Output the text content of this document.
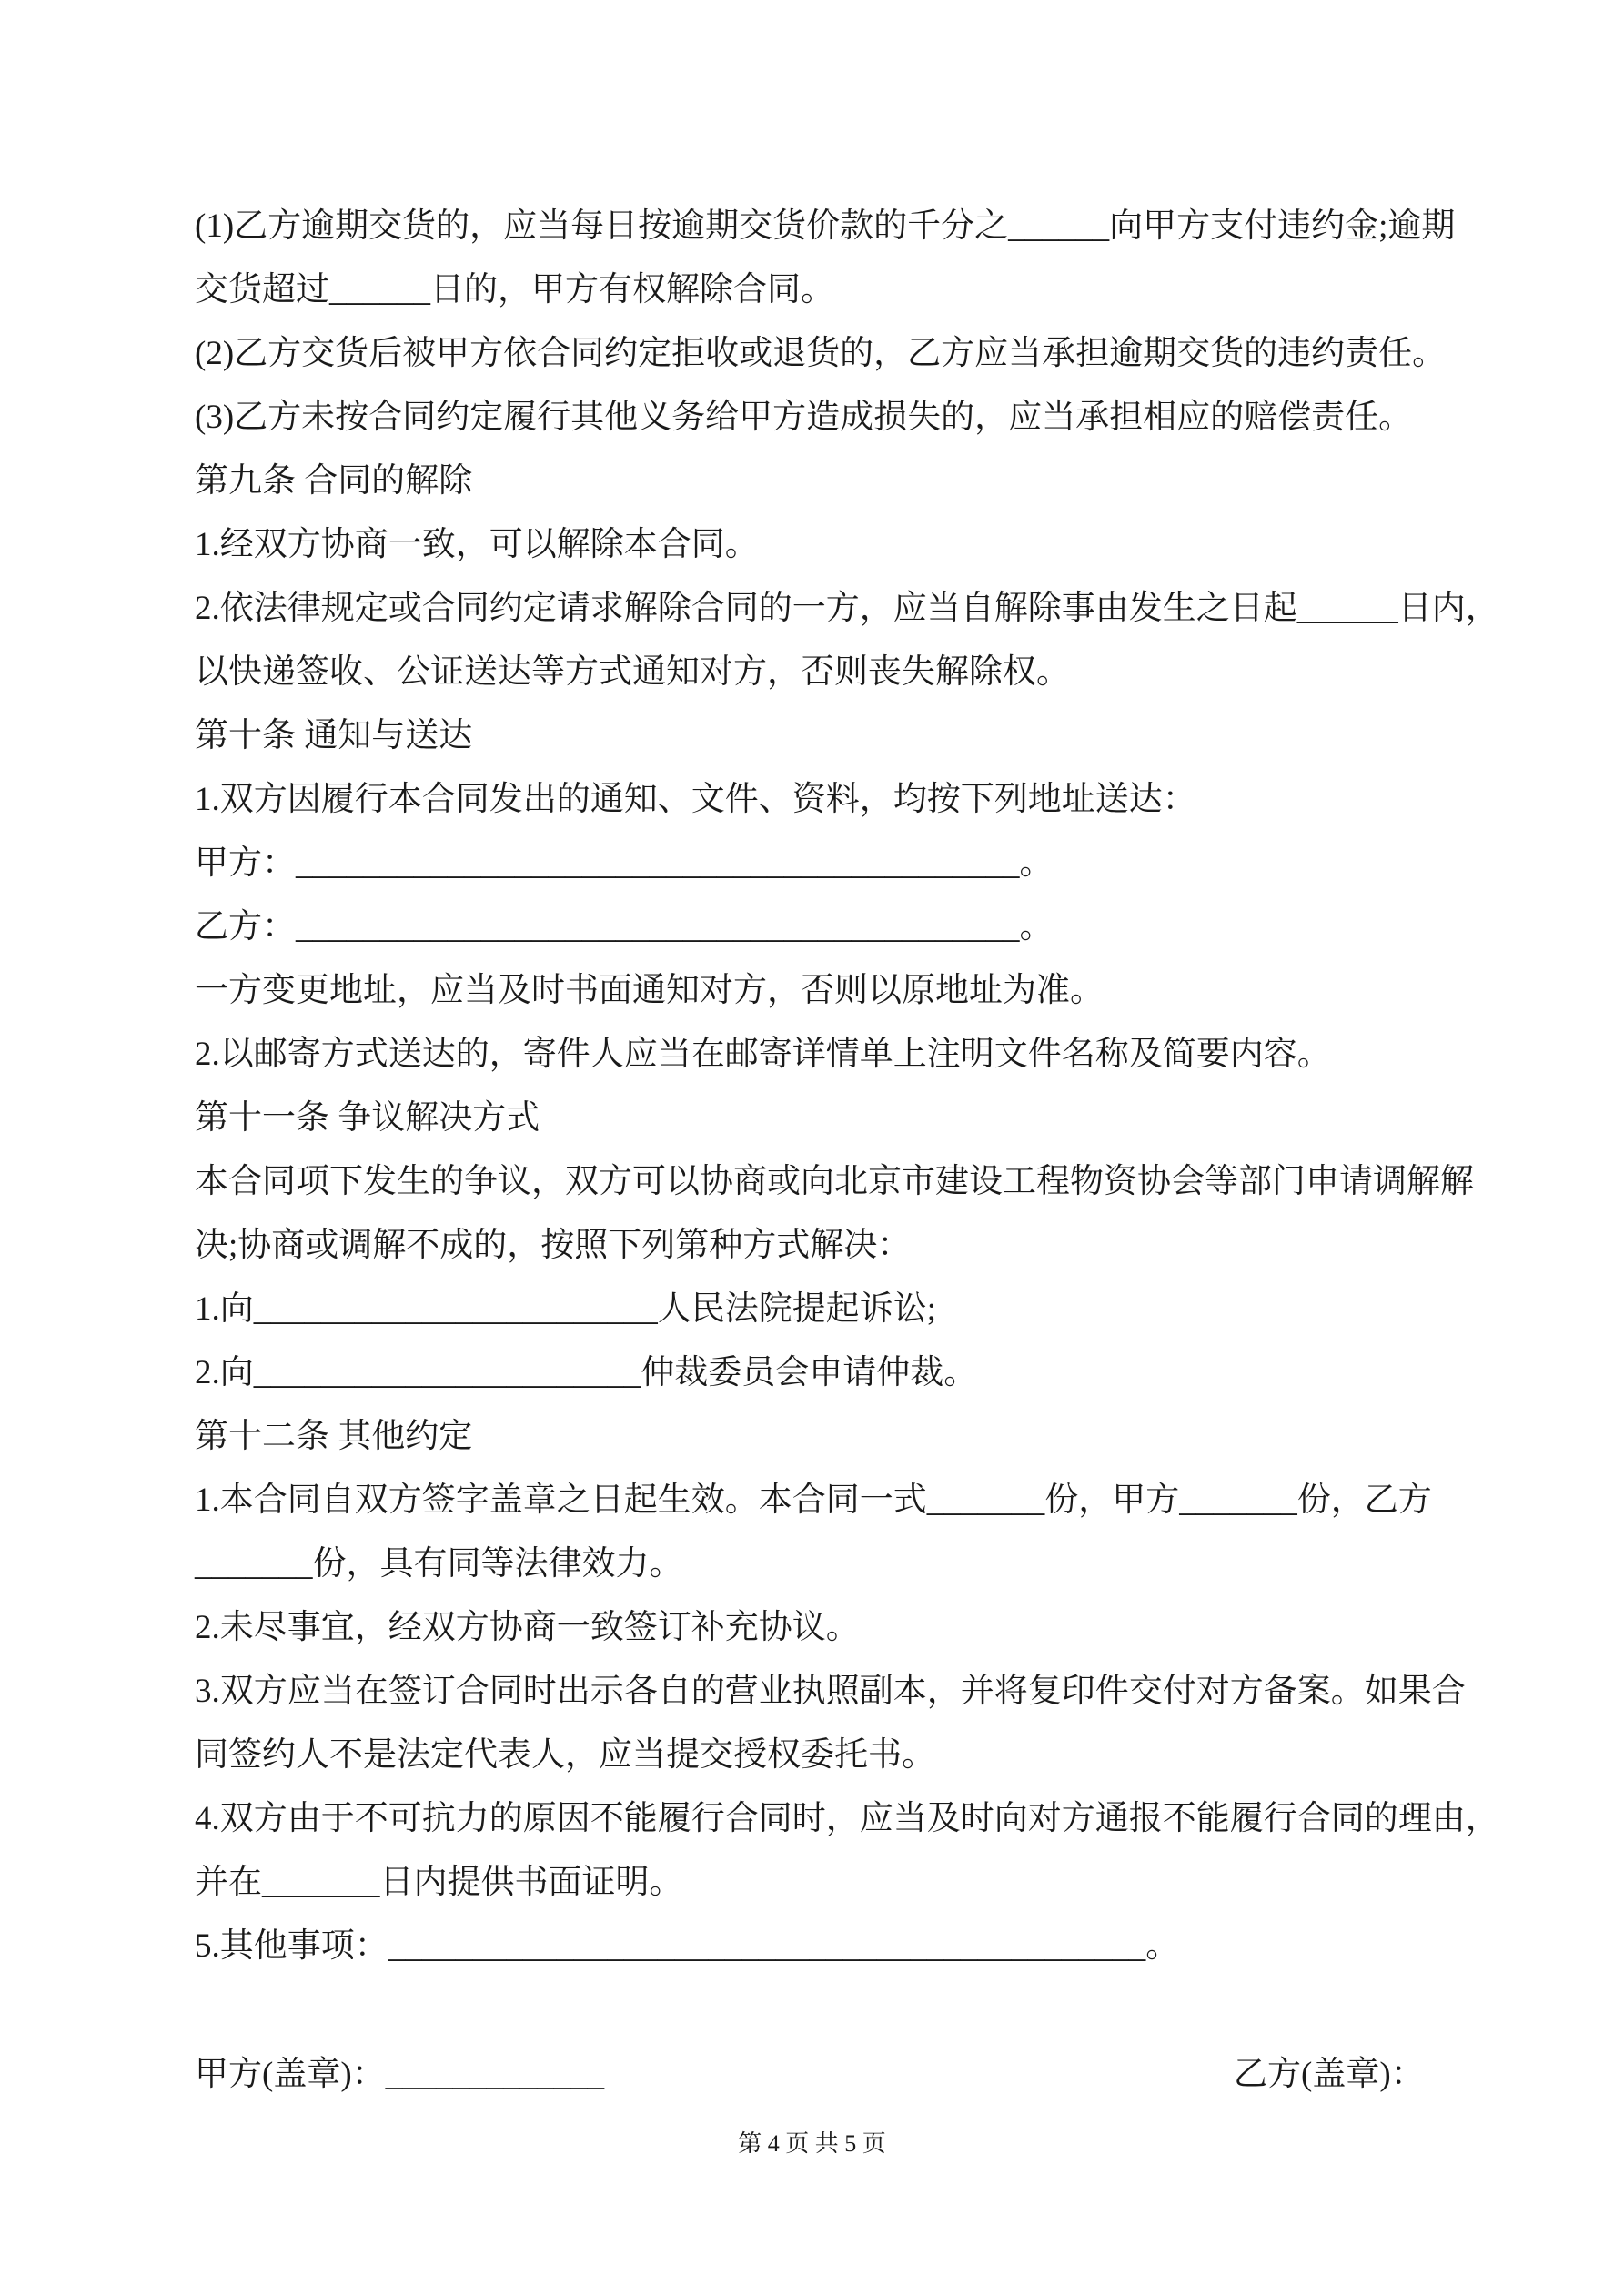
(1)乙方逾期交货的，应当每日按逾期交货价款的千分之______向甲方支付违约金;逾期
交货超过______日的，甲方有权解除合同。
(2)乙方交货后被甲方依合同约定拒收或退货的，乙方应当承担逾期交货的违约责任。
(3)乙方未按合同约定履行其他义务给甲方造成损失的，应当承担相应的赔偿责任。
第九条 合同的解除
1.经双方协商一致，可以解除本合同。
2.依法律规定或合同约定请求解除合同的一方，应当自解除事由发生之日起______日内，
以快递签收、公证送达等方式通知对方，否则丧失解除权。
第十条 通知与送达
1.双方因履行本合同发出的通知、文件、资料，均按下列地址送达：
甲方：___________________________________________。
乙方：___________________________________________。
一方变更地址，应当及时书面通知对方，否则以原地址为准。
2.以邮寄方式送达的，寄件人应当在邮寄详情单上注明文件名称及简要内容。
第十一条 争议解决方式
本合同项下发生的争议，双方可以协商或向北京市建设工程物资协会等部门申请调解解
决;协商或调解不成的，按照下列第种方式解决：
1.向________________________人民法院提起诉讼;
2.向_______________________仲裁委员会申请仲裁。
第十二条 其他约定
1.本合同自双方签字盖章之日起生效。本合同一式_______份，甲方_______份，乙方
_______份，具有同等法律效力。
2.未尽事宜，经双方协商一致签订补充协议。
3.双方应当在签订合同时出示各自的营业执照副本，并将复印件交付对方备案。如果合
同签约人不是法定代表人，应当提交授权委托书。
4.双方由于不可抗力的原因不能履行合同时，应当及时向对方通报不能履行合同的理由，
并在_______日内提供书面证明。
5.其他事项：_____________________________________________。
甲方(盖章)：_____________	乙方(盖章)：
第 4 页 共 5 页
